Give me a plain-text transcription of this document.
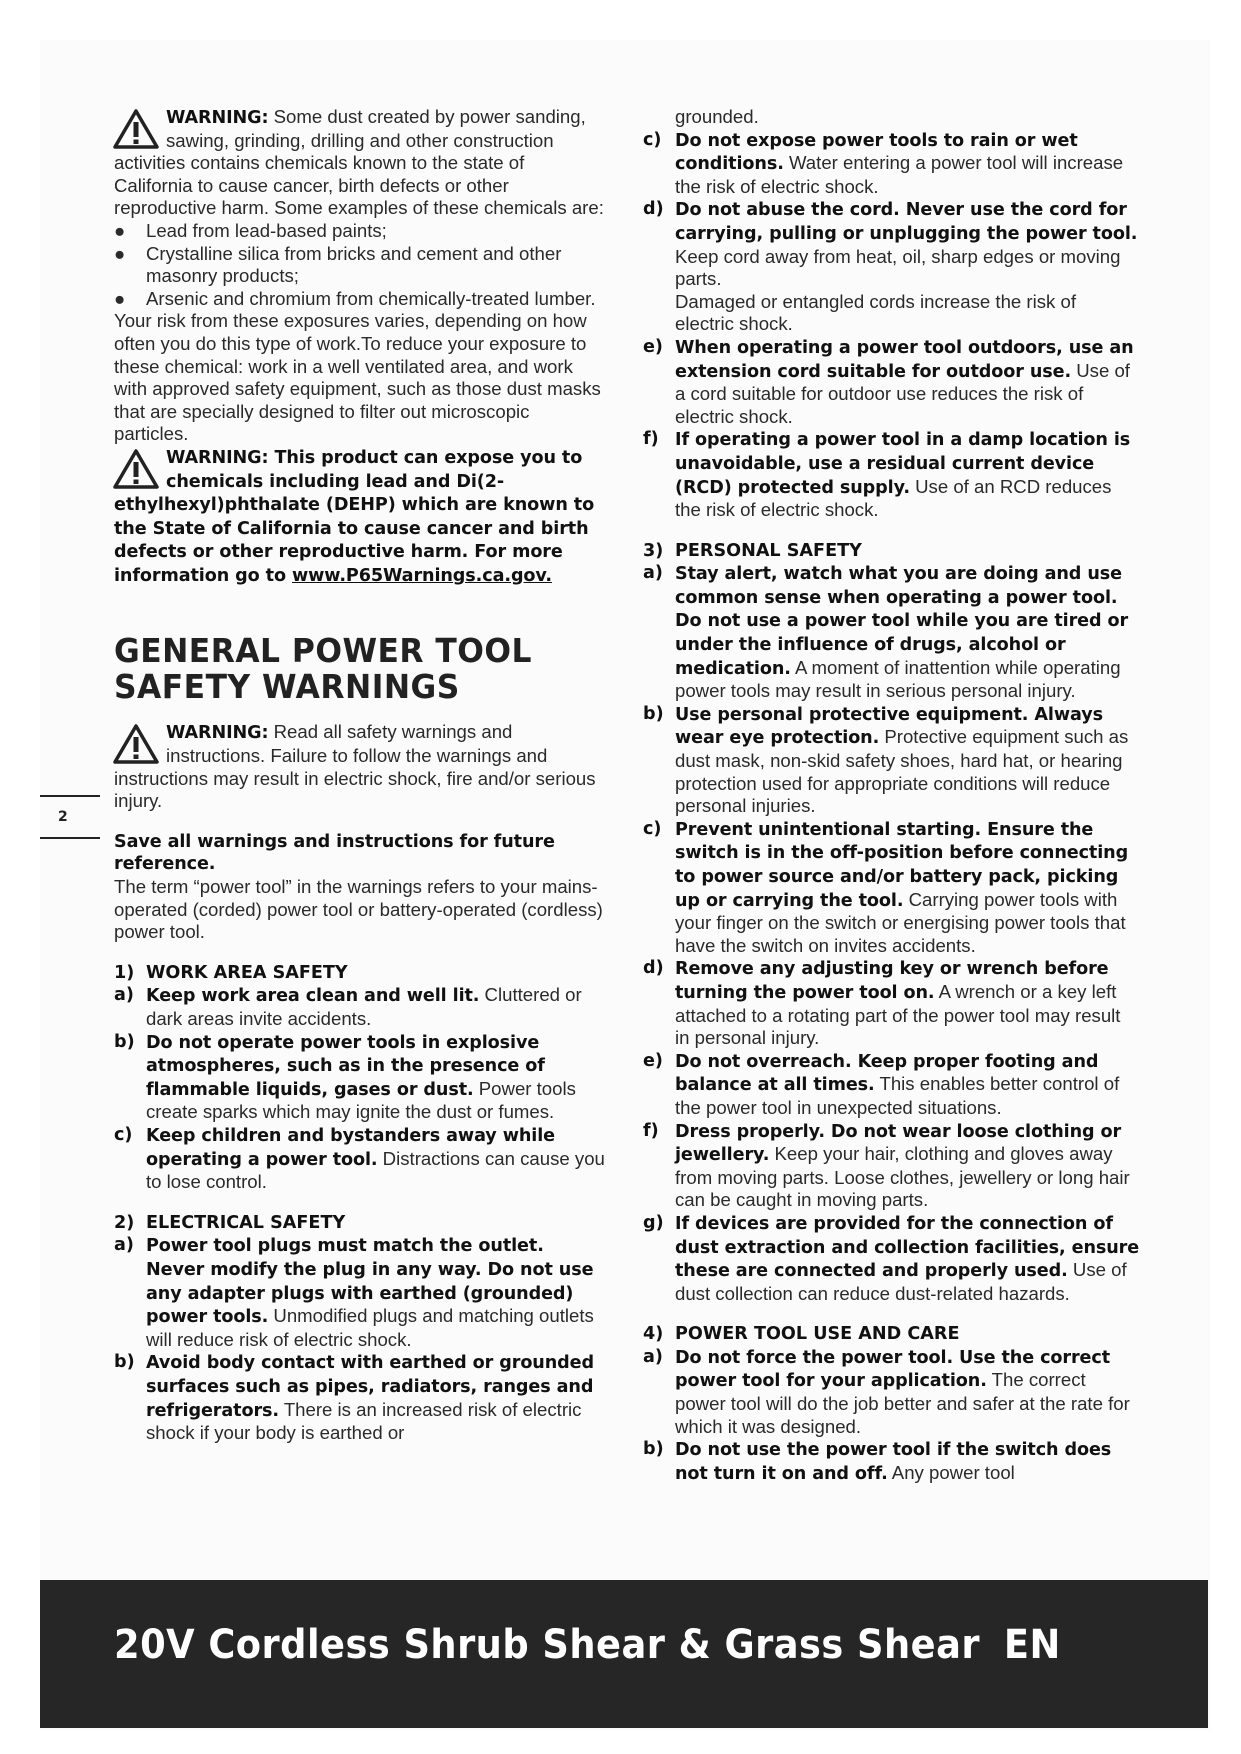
WARNING: Some dust created by power sanding, sawing, grinding, drilling and other construction activities contains chemicals known to the state of California to cause cancer, birth defects or other reproductive harm. Some examples of these chemicals are:
●	Lead from lead-based paints;
●	Crystalline silica from bricks and cement and other masonry products;
●	Arsenic and chromium from chemically-treated lumber.

Your risk from these exposures varies, depending on how often you do this type of work.To reduce your exposure to these chemical: work in a well ventilated area, and work with approved safety equipment, such as those dust masks that are specially designed to filter out microscopic particles.

WARNING: This product can expose you to chemicals including lead and Di(2-ethylhexyl)phthalate (DEHP) which are known to the State of California to cause cancer and birth defects or other reproductive harm. For more information go to www.P65Warnings.ca.gov.
GENERAL POWER TOOL SAFETY WARNINGS
WARNING: Read all safety warnings and instructions. Failure to follow the warnings and instructions may result in electric shock, fire and/or serious injury.
Save all warnings and instructions for future reference.

The term “power tool” in the warnings refers to your mains-operated (corded) power tool or battery-operated (cordless) power tool.

1) WORK AREA SAFETY
a) Keep work area clean and well lit. Cluttered or dark areas invite accidents.
b) Do not operate power tools in explosive atmospheres, such as in the presence of flammable liquids, gases or dust. Power tools create sparks which may ignite the dust or fumes.
c) Keep children and bystanders away while operating a power tool. Distractions can cause you to lose control.
2) ELECTRICAL SAFETY
a) Power tool plugs must match the outlet. Never modify the plug in any way. Do not use any adapter plugs with earthed (grounded) power tools. Unmodified plugs and matching outlets will reduce risk of electric shock.
b) Avoid body contact with earthed or grounded surfaces such as pipes, radiators, ranges and refrigerators. There is an increased risk of electric shock if your body is earthed or
grounded.
c) Do not expose power tools to rain or wet conditions. Water entering a power tool will increase the risk of electric shock.
d) Do not abuse the cord. Never use the cord for carrying, pulling or unplugging the power tool. Keep cord away from heat, oil, sharp edges or moving parts.
Damaged or entangled cords increase the risk of electric shock.
e) When operating a power tool outdoors, use an extension cord suitable for outdoor use. Use of a cord suitable for outdoor use reduces the risk of electric shock.
f) If operating a power tool in a damp location is unavoidable, use a residual current device (RCD) protected supply. Use of an RCD reduces the risk of electric shock.
3) PERSONAL SAFETY
a) Stay alert, watch what you are doing and use common sense when operating a power tool. Do not use a power tool while you are tired or under the influence of drugs, alcohol or medication. A moment of inattention while operating power tools may result in serious personal injury.
b) Use personal protective equipment. Always wear eye protection. Protective equipment such as dust mask, non-skid safety shoes, hard hat, or hearing protection used for appropriate conditions will reduce personal injuries.
c) Prevent unintentional starting. Ensure the switch is in the off-position before connecting to power source and/or battery pack, picking up or carrying the tool. Carrying power tools with your finger on the switch or energising power tools that have the switch on invites accidents.
d) Remove any adjusting key or wrench before turning the power tool on. A wrench or a key left attached to a rotating part of the power tool may result in personal injury.
e) Do not overreach. Keep proper footing and balance at all times. This enables better control of the power tool in unexpected situations.
f) Dress properly. Do not wear loose clothing or jewellery. Keep your hair, clothing and gloves away from moving parts. Loose clothes, jewellery or long hair can be caught in moving parts.
g) If devices are provided for the connection of dust extraction and collection facilities, ensure these are connected and properly used. Use of dust collection can reduce dust-related hazards.
4) POWER TOOL USE AND CARE
a) Do not force the power tool. Use the correct power tool for your application. The correct power tool will do the job better and safer at the rate for which it was designed.
b) Do not use the power tool if the switch does not turn it on and off. Any power tool
2
20V Cordless Shrub Shear & Grass Shear EN
